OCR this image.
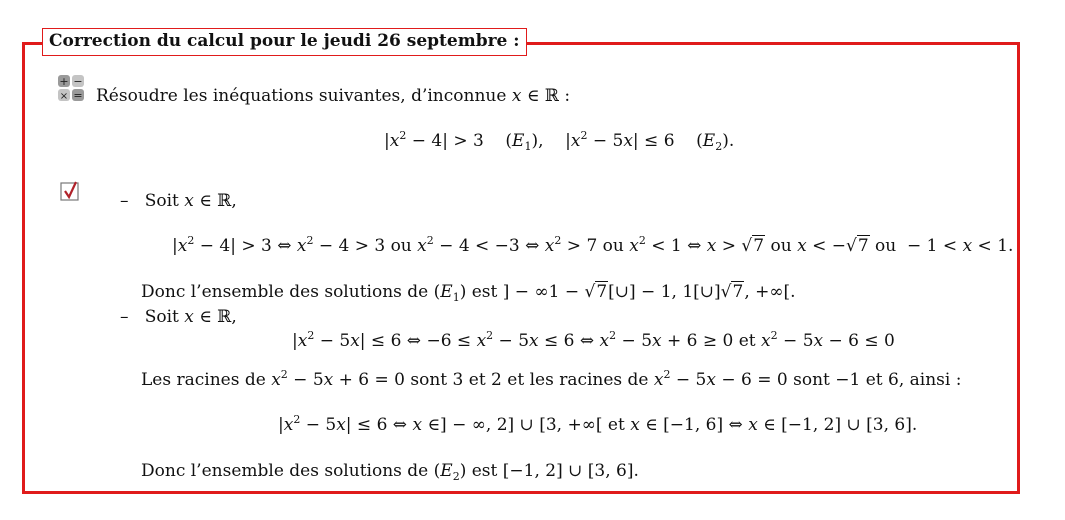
Correction du calcul pour le jeudi 26 septembre :
+ −
× = Résoudre les inéquations suivantes, d’inconnue x ∈ ℝ :
$|x^2 - 4| > 3$    $(E_1)$,    $|x^2 - 5x| \le 6$    $(E_2)$.
– Soit x ∈ ℝ,
$|x^2 - 4| > 3$ ⇔ $x^2 - 4 > 3$ ou $x^2 - 4 < -3$ ⇔ $x^2 > 7$ ou $x^2 < 1$ ⇔ x > √7 ou x < −√7 ou  − 1 < x < 1.
Donc l’ensemble des solutions de $(E_1)$ est ] − ∞1 − √7[∪] − 1, 1[∪]√7, +∞[.
– Soit x ∈ ℝ,
$|x^2 - 5x| \le 6$ ⇔ $-6 \le x^2 - 5x \le 6$ ⇔ $x^2 - 5x + 6 \ge 0$ et $x^2 - 5x - 6 \le 0$
Les racines de $x^2 - 5x + 6 = 0$ sont 3 et 2 et les racines de $x^2 - 5x - 6 = 0$ sont −1 et 6, ainsi :
$|x^2 - 5x| \le 6$ ⇔ x ∈] − ∞, 2] ∪ [3, +∞[ et x ∈ [−1, 6] ⇔ x ∈ [−1, 2] ∪ [3, 6].
Donc l’ensemble des solutions de $(E_2)$ est [−1, 2] ∪ [3, 6].
